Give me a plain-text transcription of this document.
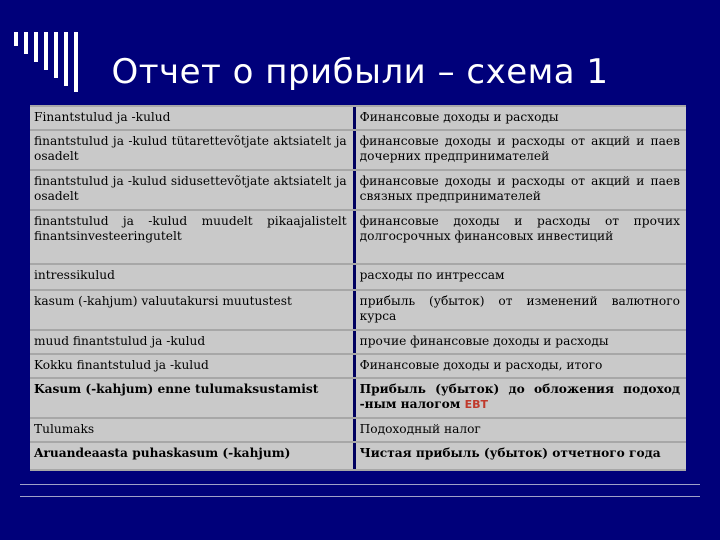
Отчет о прибыли – схема 1
Finantstulud ja -kulud	Финансовые доходы и расходы
finantstulud ja -kulud tütarettevõtjate aktsiatelt ja osadelt	финансовые доходы и расходы от акций и паев дочерних предпринимателей
finantstulud ja -kulud sidusettevõtjate aktsiatelt ja osadelt	финансовые доходы и расходы от акций и паев связных предпринимателей
finantstulud ja -kulud muudelt pikaajalistelt finantsinvesteeringutelt	финансовые доходы и расходы от прочих долгосрочных финансовых инвестиций
intressikulud	расходы по интрессам
kasum (-kahjum) valuutakursi muutustest	прибыль (убыток) от изменений валютного курса
muud finantstulud ja -kulud	прочие финансовые доходы и расходы
Kokku finantstulud ja -kulud	Финансовые доходы и расходы, итого
Kasum (-kahjum) enne tulumaksustamist	Прибыль (убыток) до обложения подоход -ным налогом EBT
Tulumaks	Подоходный налог
Aruandeaasta puhaskasum (-kahjum)	Чистая прибыль (убыток) отчетного года
